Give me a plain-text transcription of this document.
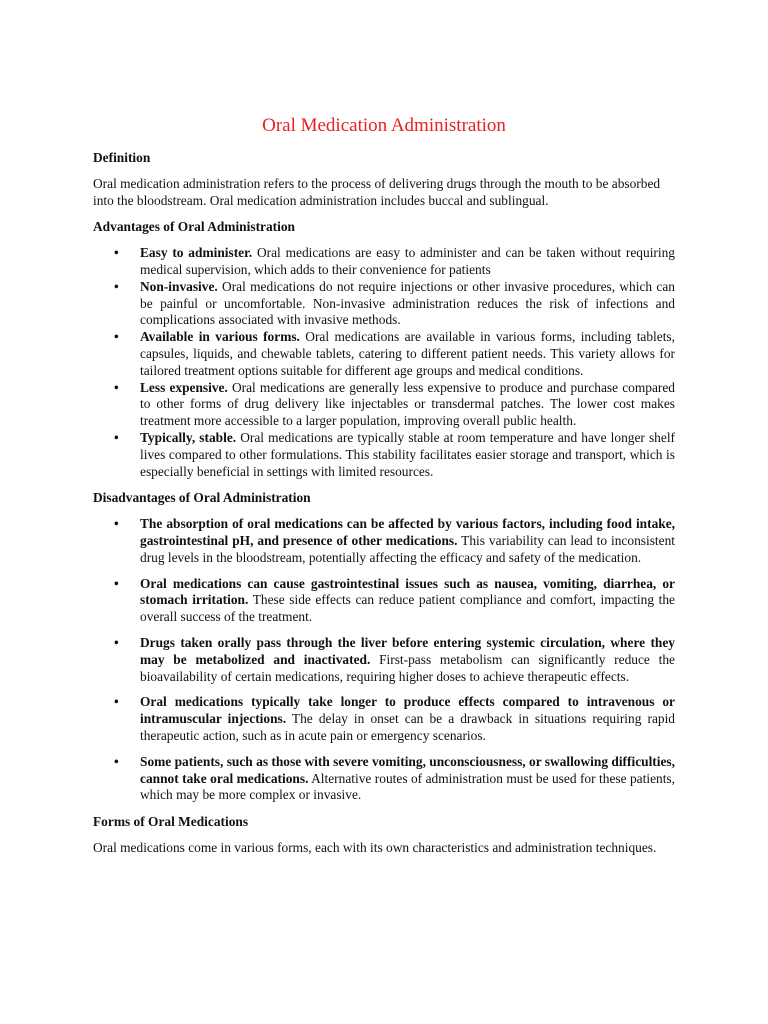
Oral Medication Administration
Definition

Oral medication administration refers to the process of delivering drugs through the mouth to be absorbed into the bloodstream. Oral medication administration includes buccal and sublingual.

Advantages of Oral Administration
• Easy to administer. Oral medications are easy to administer and can be taken without requiring medical supervision, which adds to their convenience for patients
• Non-invasive. Oral medications do not require injections or other invasive procedures, which can be painful or uncomfortable. Non-invasive administration reduces the risk of infections and complications associated with invasive methods.
• Available in various forms. Oral medications are available in various forms, including tablets, capsules, liquids, and chewable tablets, catering to different patient needs. This variety allows for tailored treatment options suitable for different age groups and medical conditions.
• Less expensive. Oral medications are generally less expensive to produce and purchase compared to other forms of drug delivery like injectables or transdermal patches. The lower cost makes treatment more accessible to a larger population, improving overall public health.
• Typically, stable. Oral medications are typically stable at room temperature and have longer shelf lives compared to other formulations. This stability facilitates easier storage and transport, which is especially beneficial in settings with limited resources.
Disadvantages of Oral Administration
• The absorption of oral medications can be affected by various factors, including food intake, gastrointestinal pH, and presence of other medications. This variability can lead to inconsistent drug levels in the bloodstream, potentially affecting the efficacy and safety of the medication.
• Oral medications can cause gastrointestinal issues such as nausea, vomiting, diarrhea, or stomach irritation. These side effects can reduce patient compliance and comfort, impacting the overall success of the treatment.
• Drugs taken orally pass through the liver before entering systemic circulation, where they may be metabolized and inactivated. First-pass metabolism can significantly reduce the bioavailability of certain medications, requiring higher doses to achieve therapeutic effects.
• Oral medications typically take longer to produce effects compared to intravenous or intramuscular injections. The delay in onset can be a drawback in situations requiring rapid therapeutic action, such as in acute pain or emergency scenarios.
• Some patients, such as those with severe vomiting, unconsciousness, or swallowing difficulties, cannot take oral medications. Alternative routes of administration must be used for these patients, which may be more complex or invasive.
Forms of Oral Medications

Oral medications come in various forms, each with its own characteristics and administration techniques.
